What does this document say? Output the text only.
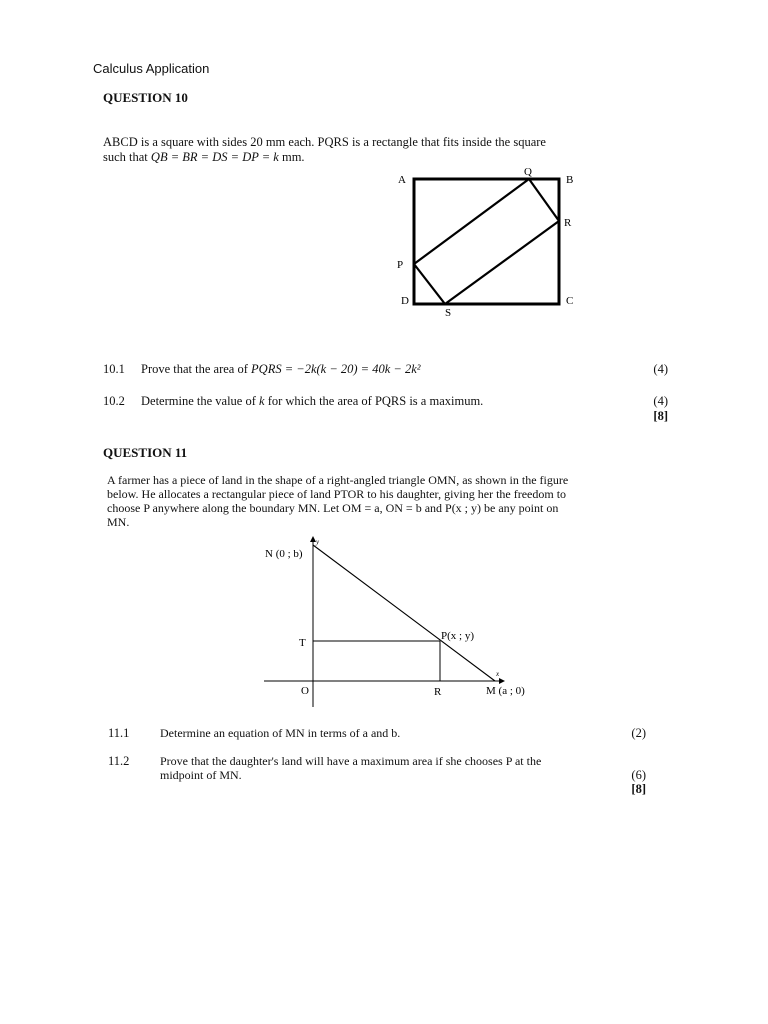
Calculus Application
QUESTION 10
ABCD is a square with sides 20 mm each. PQRS is a rectangle that fits inside the square
such that QB = BR = DS = DP = k mm.
A	B
C
D
Q
R
P
S
10.1 Prove that the area of PQRS = −2k(k − 20) = 40k − 2k²	(4)
10.2 Determine the value of k for which the area of PQRS is a maximum.	(4)
[8]
QUESTION 11
A farmer has a piece of land in the shape of a right-angled triangle OMN, as shown in the figure
below. He allocates a rectangular piece of land PTOR to his daughter, giving her the freedom to
choose P anywhere along the boundary MN. Let OM = a, ON = b and P(x ; y) be any point on
MN.
N (0 ; b)
y
T
O	R	M (a ; 0)
x
P(x ; y)
11.1	Determine an equation of MN in terms of a and b.	(2)
11.2	Prove that the daughter's land will have a maximum area if she chooses P at the
midpoint of MN.	(6)
[8]
